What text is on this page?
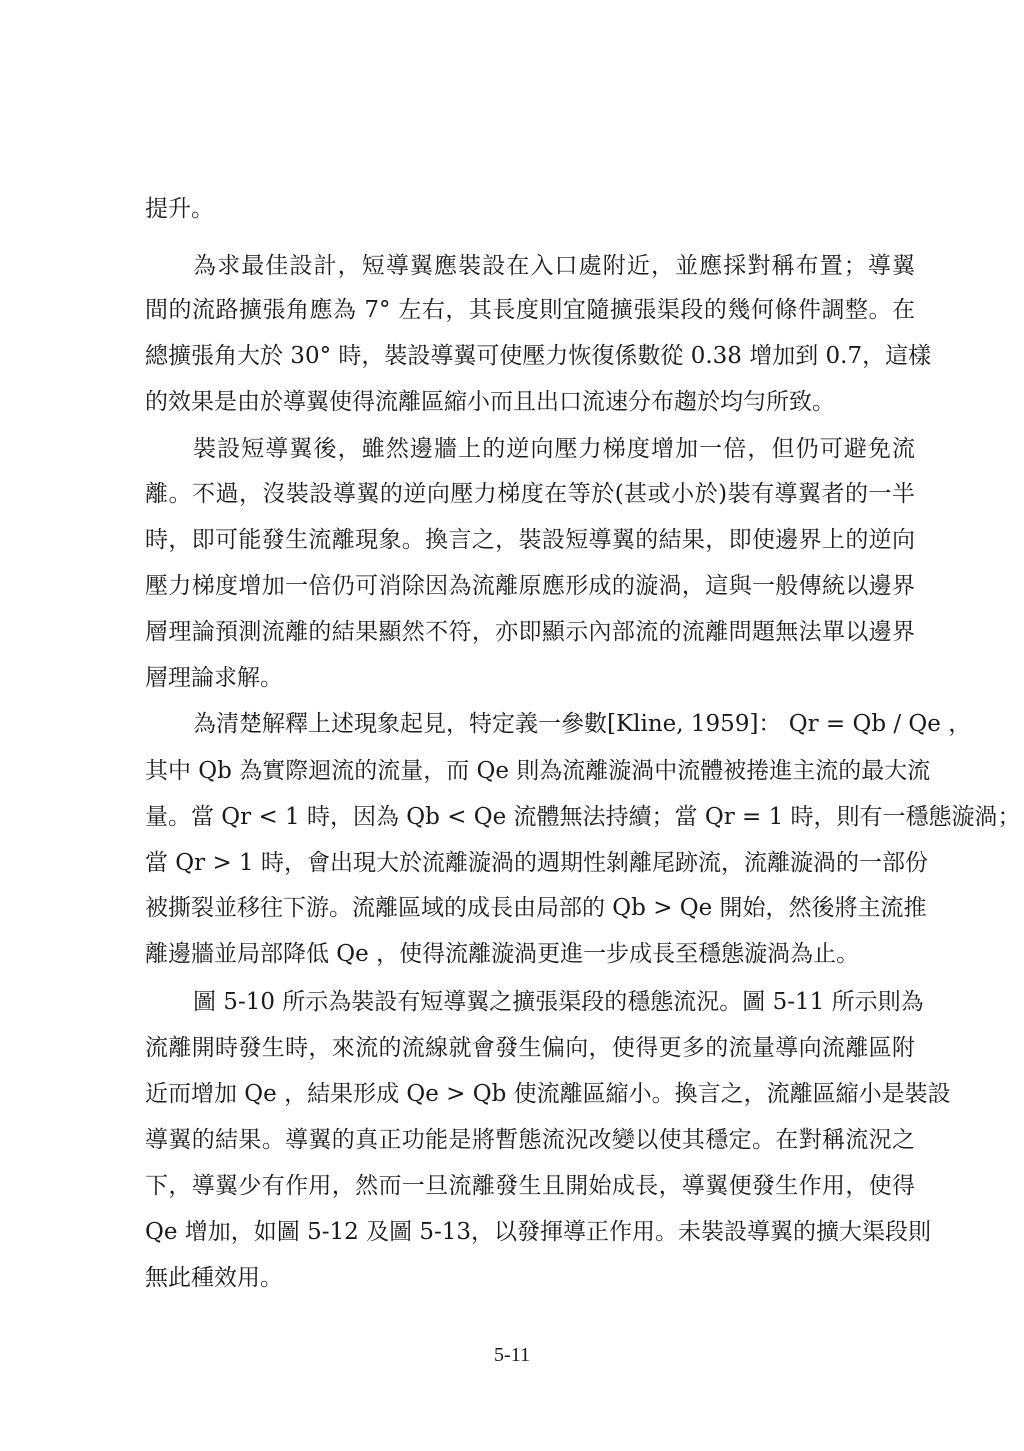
提升。
為求最佳設計，短導翼應裝設在入口處附近，並應採對稱布置；導翼
間的流路擴張角應為 7° 左右，其長度則宜隨擴張渠段的幾何條件調整。在
總擴張角大於 30° 時，裝設導翼可使壓力恢復係數從 0.38 增加到 0.7，這樣
的效果是由於導翼使得流離區縮小而且出口流速分布趨於均勻所致。
裝設短導翼後，雖然邊牆上的逆向壓力梯度增加一倍，但仍可避免流
離。不過，沒裝設導翼的逆向壓力梯度在等於(甚或小於)裝有導翼者的一半
時，即可能發生流離現象。換言之，裝設短導翼的結果，即使邊界上的逆向
壓力梯度增加一倍仍可消除因為流離原應形成的漩渦，這與一般傳統以邊界
層理論預測流離的結果顯然不符，亦即顯示內部流的流離問題無法單以邊界
層理論求解。
為清楚解釋上述現象起見，特定義一參數[Kline, 1959]： Qr = Qb / Qe ，
其中 Qb 為實際迴流的流量，而 Qe 則為流離漩渦中流體被捲進主流的最大流
量。當 Qr < 1 時，因為 Qb < Qe 流體無法持續；當 Qr = 1 時，則有一穩態漩渦；
當 Qr > 1 時，會出現大於流離漩渦的週期性剝離尾跡流，流離漩渦的一部份
被撕裂並移往下游。流離區域的成長由局部的 Qb > Qe 開始，然後將主流推
離邊牆並局部降低 Qe ，使得流離漩渦更進一步成長至穩態漩渦為止。
圖 5-10 所示為裝設有短導翼之擴張渠段的穩態流況。圖 5-11 所示則為
流離開時發生時，來流的流線就會發生偏向，使得更多的流量導向流離區附
近而增加 Qe ，結果形成 Qe > Qb 使流離區縮小。換言之，流離區縮小是裝設
導翼的結果。導翼的真正功能是將暫態流況改變以使其穩定。在對稱流況之
下，導翼少有作用，然而一旦流離發生且開始成長，導翼便發生作用，使得
Qe 增加，如圖 5-12 及圖 5-13，以發揮導正作用。未裝設導翼的擴大渠段則
無此種效用。
5-11
